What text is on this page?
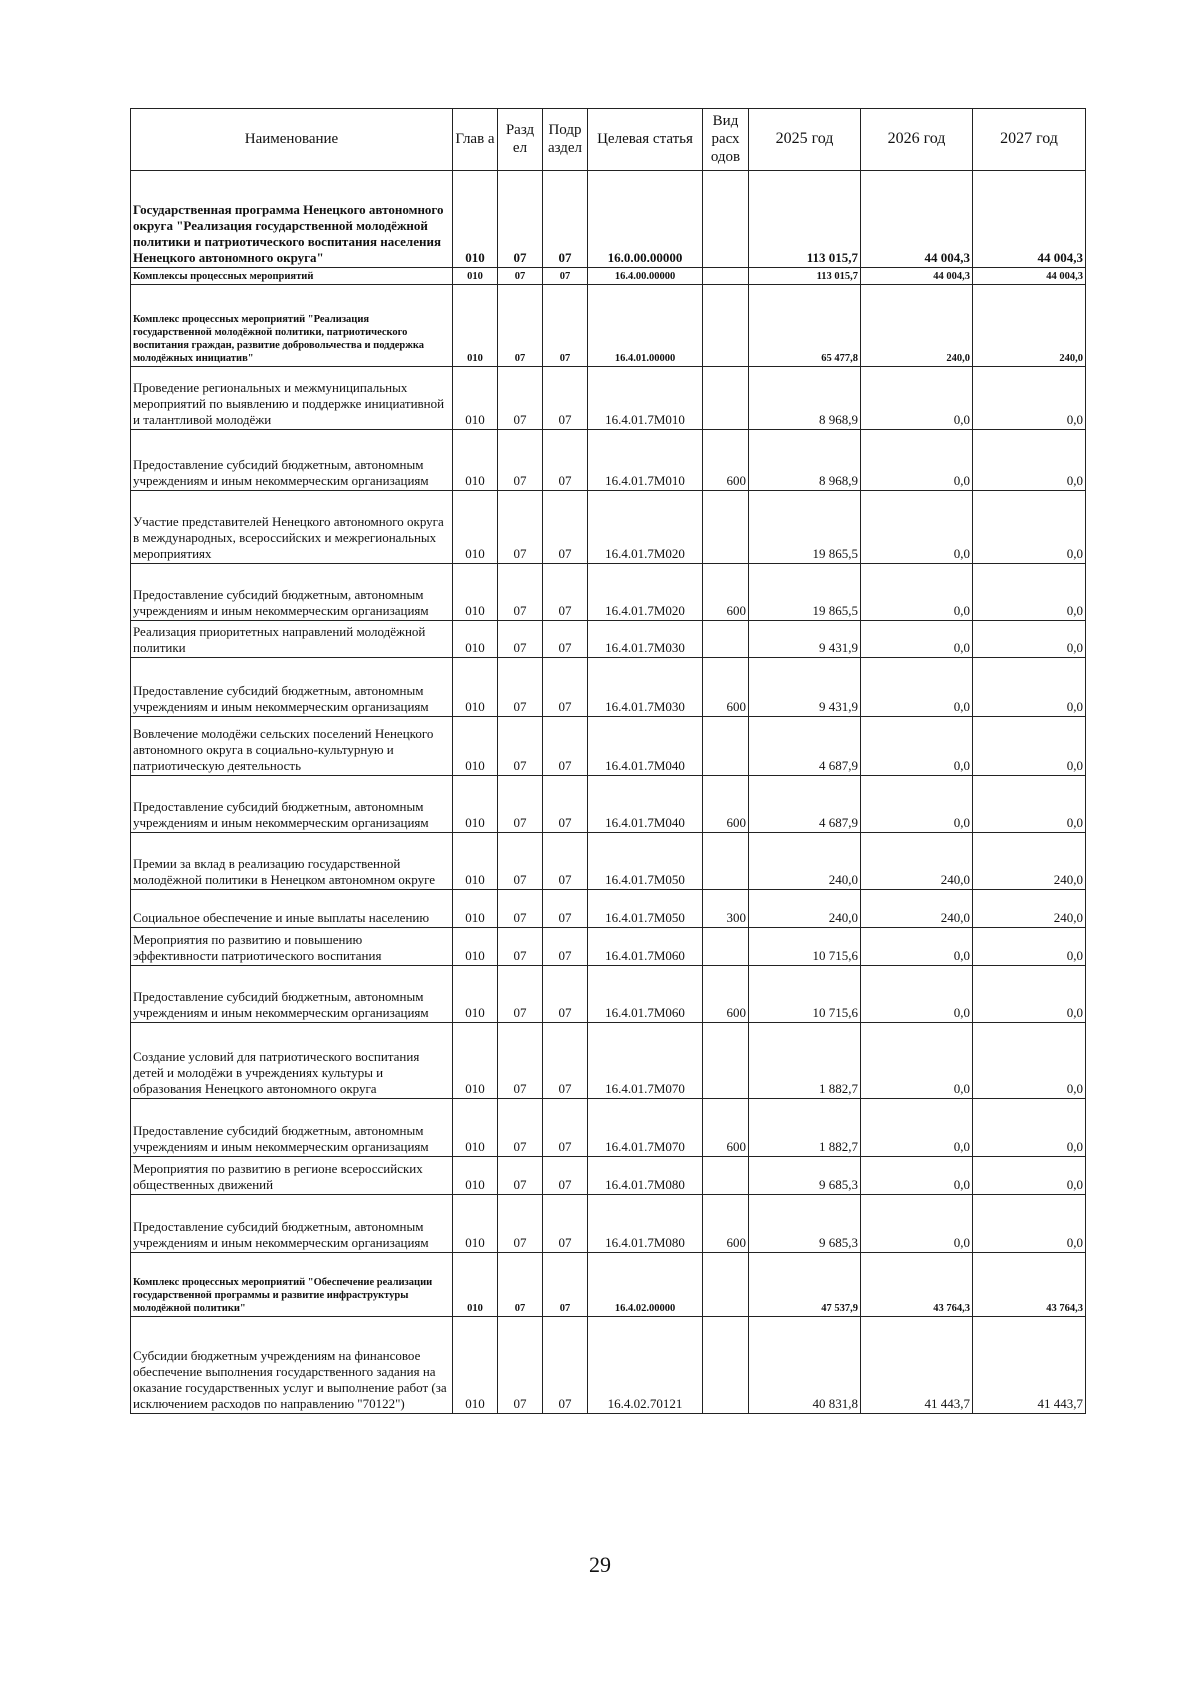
Наименование	Глав а	Разд ел	Подр аздел	Целевая статья	Вид расх одов	2025 год	2026 год	2027 год
Государственная программа Ненецкого автономного округа "Реализация государственной молодёжной политики и патриотического воспитания населения Ненецкого автономного округа"	010	07	07	16.0.00.00000		113 015,7	44 004,3	44 004,3
Комплексы процессных мероприятий	010	07	07	16.4.00.00000		113 015,7	44 004,3	44 004,3
Комплекс процессных мероприятий "Реализация государственной молодёжной политики, патриотического воспитания граждан, развитие добровольчества и поддержка молодёжных инициатив"	010	07	07	16.4.01.00000		65 477,8	240,0	240,0
Проведение региональных и межмуниципальных мероприятий по выявлению и поддержке инициативной и талантливой молодёжи	010	07	07	16.4.01.7М010		8 968,9	0,0	0,0
Предоставление субсидий бюджетным, автономным учреждениям и иным некоммерческим организациям	010	07	07	16.4.01.7М010	600	8 968,9	0,0	0,0
Участие представителей Ненецкого автономного округа в международных, всероссийских и межрегиональных мероприятиях	010	07	07	16.4.01.7М020		19 865,5	0,0	0,0
Предоставление субсидий бюджетным, автономным учреждениям и иным некоммерческим организациям	010	07	07	16.4.01.7М020	600	19 865,5	0,0	0,0
Реализация приоритетных направлений молодёжной политики	010	07	07	16.4.01.7М030		9 431,9	0,0	0,0
Предоставление субсидий бюджетным, автономным учреждениям и иным некоммерческим организациям	010	07	07	16.4.01.7М030	600	9 431,9	0,0	0,0
Вовлечение молодёжи сельских поселений Ненецкого автономного округа в социально-культурную и патриотическую деятельность	010	07	07	16.4.01.7М040		4 687,9	0,0	0,0
Предоставление субсидий бюджетным, автономным учреждениям и иным некоммерческим организациям	010	07	07	16.4.01.7М040	600	4 687,9	0,0	0,0
Премии за вклад в реализацию государственной молодёжной политики в Ненецком автономном округе	010	07	07	16.4.01.7М050		240,0	240,0	240,0
Социальное обеспечение и иные выплаты населению	010	07	07	16.4.01.7М050	300	240,0	240,0	240,0
Мероприятия по развитию и повышению эффективности патриотического воспитания	010	07	07	16.4.01.7М060		10 715,6	0,0	0,0
Предоставление субсидий бюджетным, автономным учреждениям и иным некоммерческим организациям	010	07	07	16.4.01.7М060	600	10 715,6	0,0	0,0
Создание условий для патриотического воспитания детей и молодёжи в учреждениях культуры и образования Ненецкого автономного округа	010	07	07	16.4.01.7М070		1 882,7	0,0	0,0
Предоставление субсидий бюджетным, автономным учреждениям и иным некоммерческим организациям	010	07	07	16.4.01.7М070	600	1 882,7	0,0	0,0
Мероприятия по развитию в регионе всероссийских общественных движений	010	07	07	16.4.01.7М080		9 685,3	0,0	0,0
Предоставление субсидий бюджетным, автономным учреждениям и иным некоммерческим организациям	010	07	07	16.4.01.7М080	600	9 685,3	0,0	0,0
Комплекс процессных мероприятий "Обеспечение реализации государственной программы и развитие инфраструктуры молодёжной политики"	010	07	07	16.4.02.00000		47 537,9	43 764,3	43 764,3
Субсидии бюджетным учреждениям на финансовое обеспечение выполнения государственного задания на оказание государственных услуг и выполнение работ (за исключением расходов по направлению "70122")	010	07	07	16.4.02.70121		40 831,8	41 443,7	41 443,7
29
